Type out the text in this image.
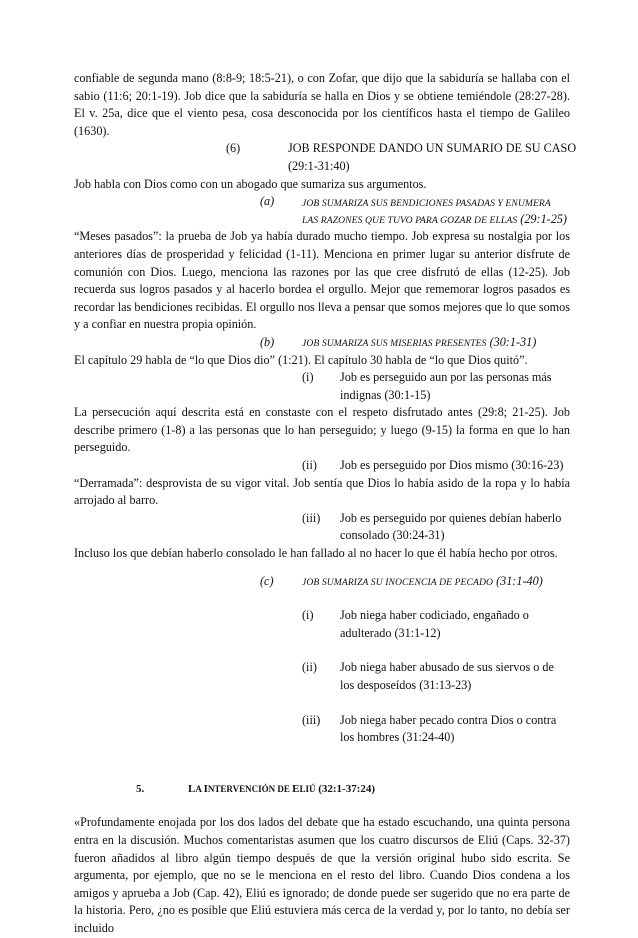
confiable de segunda mano (8:8-9; 18:5-21), o con Zofar, que dijo que la sabiduría se hallaba con el sabio (11:6; 20:1-19). Job dice que la sabiduría se halla en Dios y se obtiene temiéndole (28:27-28). El v. 25a, dice que el viento pesa, cosa desconocida por los científicos hasta el tiempo de Galileo (1630).

(6)	JOB RESPONDE DANDO UN SUMARIO DE SU CASO
(29:1-31:40)

Job habla con Dios como con un abogado que sumariza sus argumentos.

(a)	JOB SUMARIZA SUS BENDICIONES PASADAS Y ENUMERA
LAS RAZONES QUE TUVO PARA GOZAR DE ELLAS (29:1-25)

“Meses pasados”: la prueba de Job ya había durado mucho tiempo. Job expresa su nostalgia por los anteriores días de prosperidad y felicidad (1-11). Menciona en primer lugar su anterior disfrute de comunión con Dios. Luego, menciona las razones por las que cree disfrutó de ellas (12-25). Job recuerda sus logros pasados y al hacerlo bordea el orgullo. Mejor que rememorar logros pasados es recordar las bendiciones recibidas. El orgullo nos lleva a pensar que somos mejores que lo que somos y a confiar en nuestra propia opinión.

(b)	JOB SUMARIZA SUS MISERIAS PRESENTES (30:1-31)

El capítulo 29 habla de “lo que Dios dio” (1:21). El capítulo 30 habla de “lo que Dios quitó”.

(i) Job es perseguido aun por las personas más
indignas (30:1-15)

La persecución aquí descrita está en constaste con el respeto disfrutado antes (29:8; 21-25). Job describe primero (1-8) a las personas que lo han perseguido; y luego (9-15) la forma en que lo han perseguido.

(ii) Job es perseguido por Dios mismo (30:16-23)

“Derramada”: desprovista de su vigor vital. Job sentía que Dios lo había asido de la ropa y lo había arrojado al barro.

(iii) Job es perseguido por quienes debían haberlo
consolado (30:24-31)

Incluso los que debían haberlo consolado le han fallado al no hacer lo que él había hecho por otros.

(c)	JOB SUMARIZA SU INOCENCIA DE PECADO (31:1-40)
(i) Job niega haber codiciado, engañado o
adulterado (31:1-12)
(ii) Job niega haber abusado de sus siervos o de
los desposeídos (31:13-23)
(iii) Job niega haber pecado contra Dios o contra
los hombres (31:24-40)
5.	LA INTERVENCIÓN DE ELIÚ (32:1-37:24)

«Profundamente enojada por los dos lados del debate que ha estado escuchando, una quinta persona entra en la discusión. Muchos comentaristas asumen que los cuatro discursos de Eliú (Caps. 32-37) fueron añadidos al libro algún tiempo después de que la versión original hubo sido escrita. Se argumenta, por ejemplo, que no se le menciona en el resto del libro. Cuando Dios condena a los amigos y aprueba a Job (Cap. 42), Eliú es ignorado; de donde puede ser sugerido que no era parte de la historia. Pero, ¿no es posible que Eliú estuviera más cerca de la verdad y, por lo tanto, no debía ser incluido
